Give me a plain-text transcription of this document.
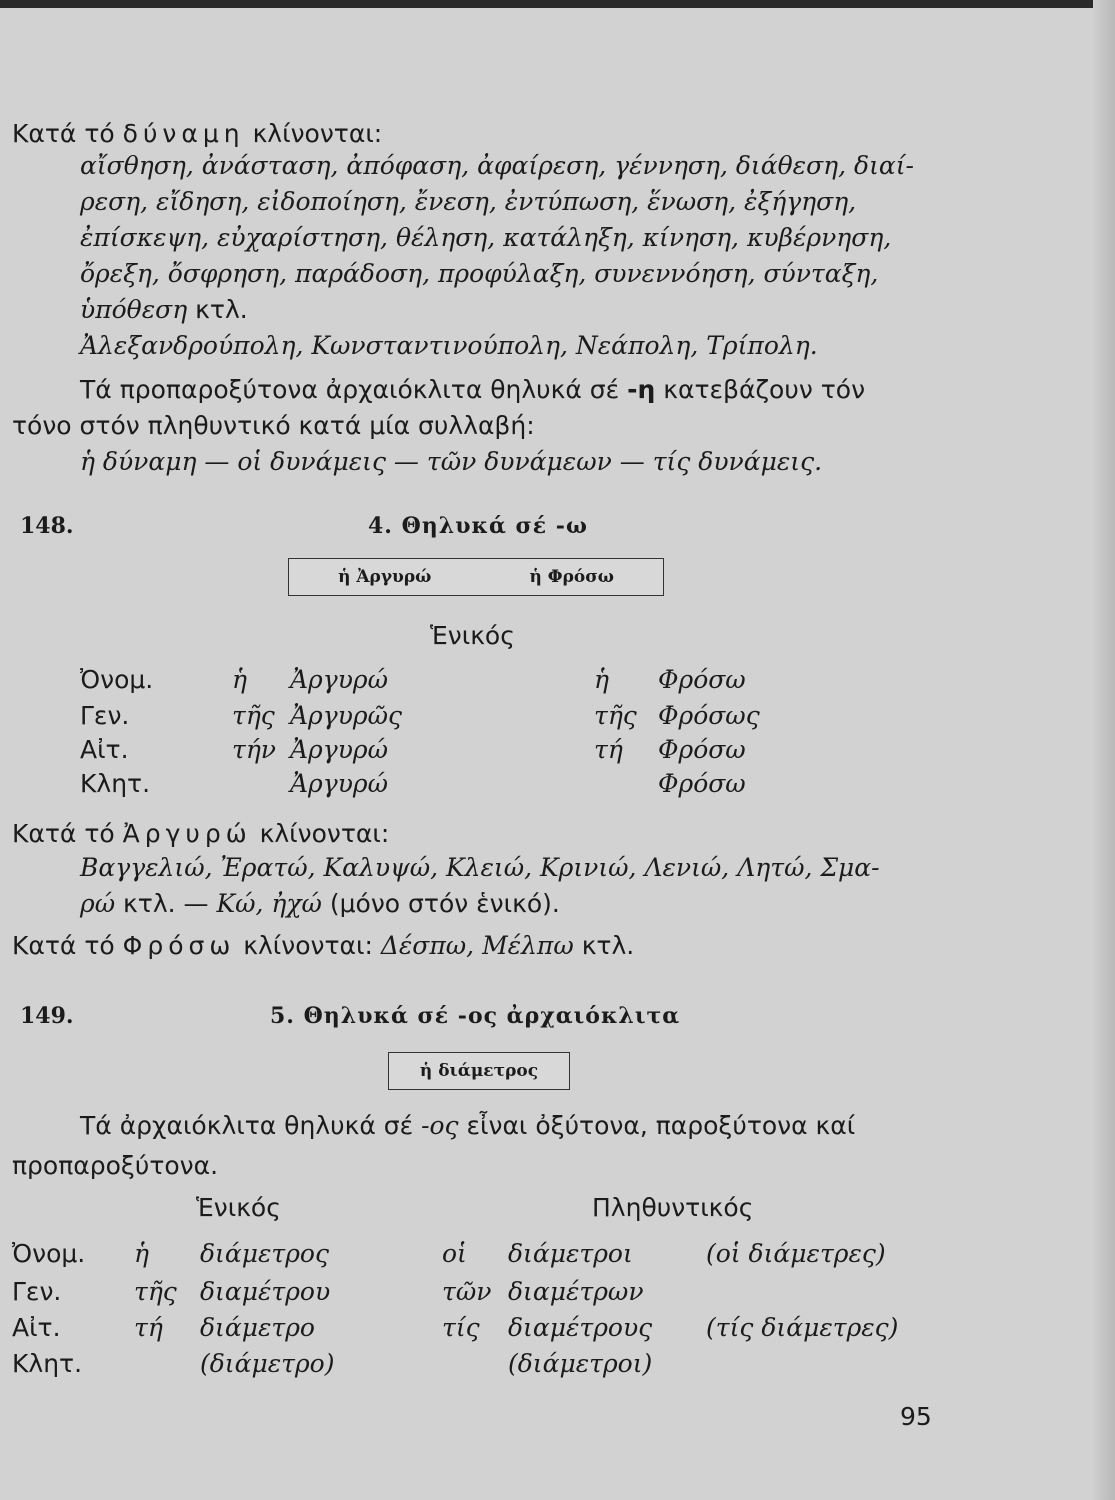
Κατά τό δύναμη κλίνονται:
αἴσθηση, ἀνάσταση, ἀπόφαση, ἀφαίρεση, γέννηση, διάθεση, διαί-
ρεση, εἴδηση, εἰδοποίηση, ἔνεση, ἐντύπωση, ἕνωση, ἐξήγηση,
ἐπίσκεψη, εὐχαρίστηση, θέληση, κατάληξη, κίνηση, κυβέρνηση,
ὄρεξη, ὄσφρηση, παράδοση, προφύλαξη, συνεννόηση, σύνταξη,
ὑπόθεση κτλ.
Ἀλεξανδρούπολη, Κωνσταντινούπολη, Νεάπολη, Τρίπολη.
Τά προπαροξύτονα ἀρχαιόκλιτα θηλυκά σέ -η κατεβάζουν τόν
τόνο στόν πληθυντικό κατά μία συλλαβή:
ἡ δύναμη — οἱ δυνάμεις — τῶν δυνάμεων — τίς δυνάμεις.
148.	4. Θηλυκά σέ -ω
ἡ Ἀργυρώ	ἡ Φρόσω
Ἑνικός
Ὀνομ.	ἡ Ἀργυρώ	ἡ Φρόσω
Γεν.	τῆς Ἀργυρῶς	τῆς Φρόσως
Αἰτ.	τήν Ἀργυρώ	τή Φρόσω
Κλητ.	Ἀργυρώ	Φρόσω
Κατά τό Ἀργυρώ κλίνονται:
Βαγγελιώ, Ἐρατώ, Καλυψώ, Κλειώ, Κρινιώ, Λενιώ, Λητώ, Σμα-
ρώ κτλ. — Κώ, ἠχώ (μόνο στόν ἑνικό).
Κατά τό Φρόσω κλίνονται: Δέσπω, Μέλπω κτλ.
149.	5. Θηλυκά σέ -ος ἀρχαιόκλιτα
ἡ διάμετρος
Τά ἀρχαιόκλιτα θηλυκά σέ -ος εἶναι ὀξύτονα, παροξύτονα καί
προπαροξύτονα.
Ἑνικός	Πληθυντικός
Ὀνομ. ἡ διάμετρος	οἱ διάμετροι	(οἱ διάμετρες)
Γεν.	τῆς διαμέτρου	τῶν διαμέτρων
Αἰτ.	τή διάμετρο	τίς διαμέτρους (τίς διάμετρες)
Κλητ.	(διάμετρο)	(διάμετροι)
95
